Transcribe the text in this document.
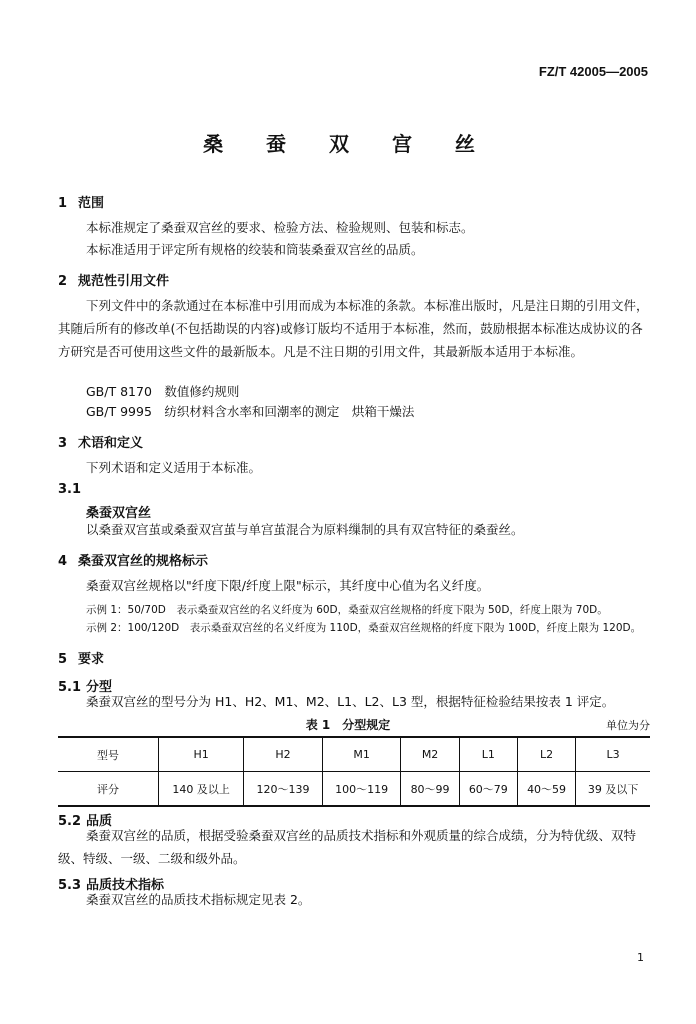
FZ/T 42005—2005
桑 蚕 双 宫 丝
1 范围
本标准规定了桑蚕双宫丝的要求、检验方法、检验规则、包装和标志。
本标准适用于评定所有规格的绞装和筒装桑蚕双宫丝的品质。
2 规范性引用文件
下列文件中的条款通过在本标准中引用而成为本标准的条款。本标准出版时，凡是注日期的引用文件，其随后所有的修改单(不包括勘误的内容)或修订版均不适用于本标准，然而，鼓励根据本标准达成协议的各方研究是否可使用这些文件的最新版本。凡是不注日期的引用文件，其最新版本适用于本标准。
GB/T 8170　数值修约规则
GB/T 9995　纺织材料含水率和回潮率的测定　烘箱干燥法
3 术语和定义
下列术语和定义适用于本标准。
3.1
桑蚕双宫丝
以桑蚕双宫茧或桑蚕双宫茧与单宫茧混合为原料缫制的具有双宫特征的桑蚕丝。
4 桑蚕双宫丝的规格标示
桑蚕双宫丝规格以"纤度下限/纤度上限"标示，其纤度中心值为名义纤度。
示例 1：50/70D　表示桑蚕双宫丝的名义纤度为 60D，桑蚕双宫丝规格的纤度下限为 50D，纤度上限为 70D。
示例 2：100/120D　表示桑蚕双宫丝的名义纤度为 110D，桑蚕双宫丝规格的纤度下限为 100D，纤度上限为 120D。
5 要求
5.1 分型
桑蚕双宫丝的型号分为 H1、H2、M1、M2、L1、L2、L3 型，根据特征检验结果按表 1 评定。
表 1　分型规定	单位为分
型号	H1	H2	M1	M2	L1	L2	L3
评分	140 及以上	120～139	100～119	80～99	60～79	40～59	39 及以下
5.2 品质
桑蚕双宫丝的品质，根据受验桑蚕双宫丝的品质技术指标和外观质量的综合成绩，分为特优级、双特级、特级、一级、二级和级外品。
5.3 品质技术指标
桑蚕双宫丝的品质技术指标规定见表 2。
1
